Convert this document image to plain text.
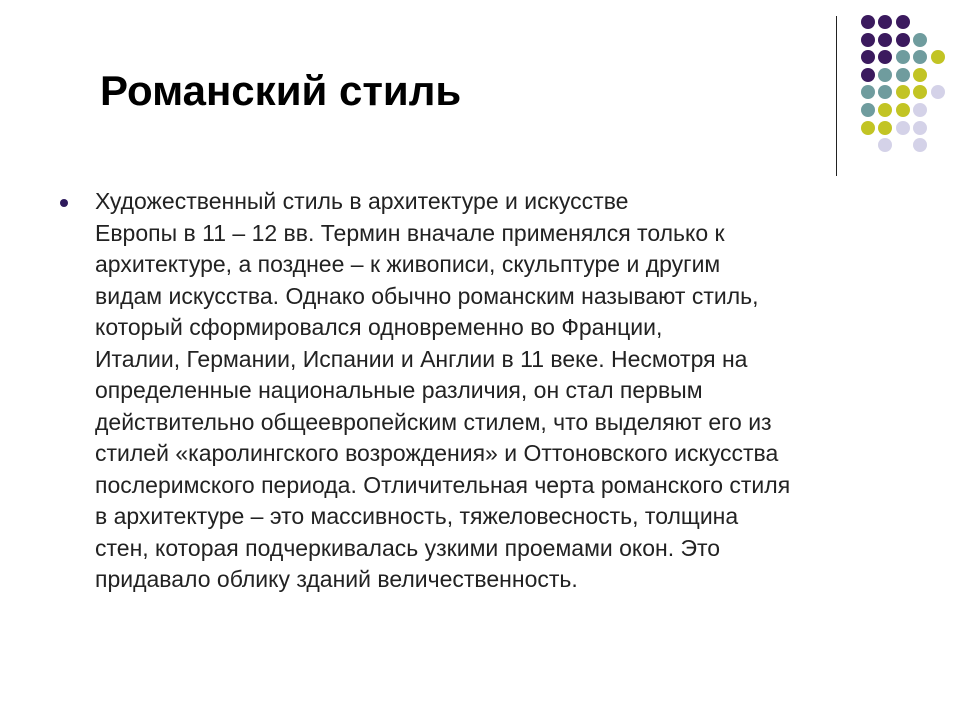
Романский стиль
Художественный стиль в архитектуре и искусстве
Европы в 11 – 12 вв. Термин вначале применялся только к
архитектуре, а позднее – к живописи, скульптуре и другим
видам искусства. Однако обычно романским называют стиль,
который сформировался одновременно во Франции,
Италии, Германии, Испании и Англии в 11 веке. Несмотря на
определенные национальные различия, он стал первым
действительно общеевропейским стилем, что выделяют его из
стилей «каролингского возрождения» и Оттоновского искусства
послеримского периода. Отличительная черта романского стиля
в архитектуре – это массивность, тяжеловесность, толщина
стен, которая подчеркивалась узкими проемами окон. Это
придавало облику зданий величественность.
